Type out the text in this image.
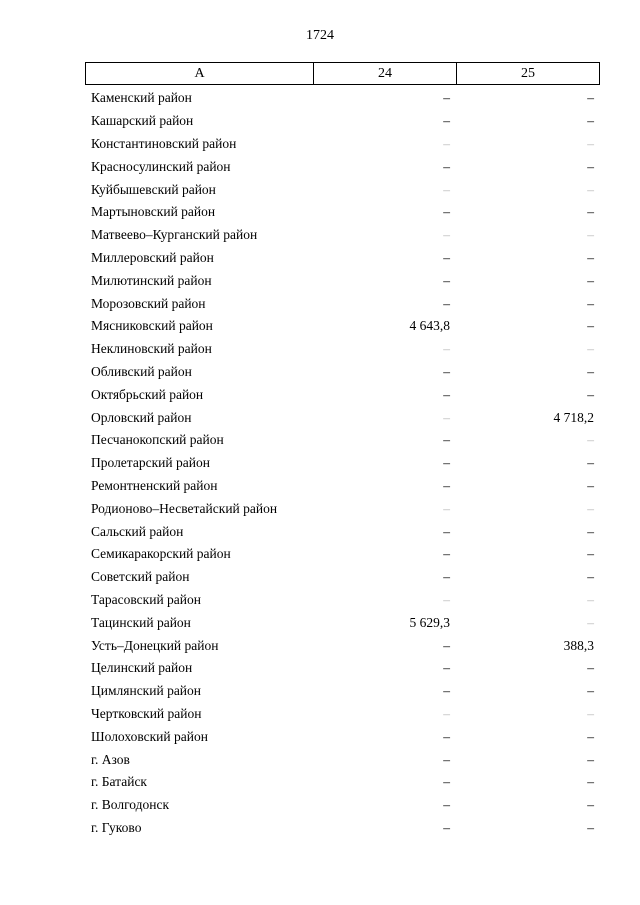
1724
А	24	25
Каменский район	–	–
Кашарский район	–	–
Константиновский район	–	–
Красносулинский район	–	–
Куйбышевский район	–	–
Мартыновский район	–	–
Матвеево–Курганский район	–	–
Миллеровский район	–	–
Милютинский район	–	–
Морозовский район	–	–
Мясниковский район	4 643,8	–
Неклиновский район	–	–
Обливский район	–	–
Октябрьский район	–	–
Орловский район	–	4 718,2
Песчанокопский район	–	–
Пролетарский район	–	–
Ремонтненский район	–	–
Родионово–Несветайский район	–	–
Сальский район	–	–
Семикаракорский район	–	–
Советский район	–	–
Тарасовский район	–	–
Тацинский район	5 629,3	–
Усть–Донецкий район	–	388,3
Целинский район	–	–
Цимлянский район	–	–
Чертковский район	–	–
Шолоховский район	–	–
г. Азов	–	–
г. Батайск	–	–
г. Волгодонск	–	–
г. Гуково	–	–
